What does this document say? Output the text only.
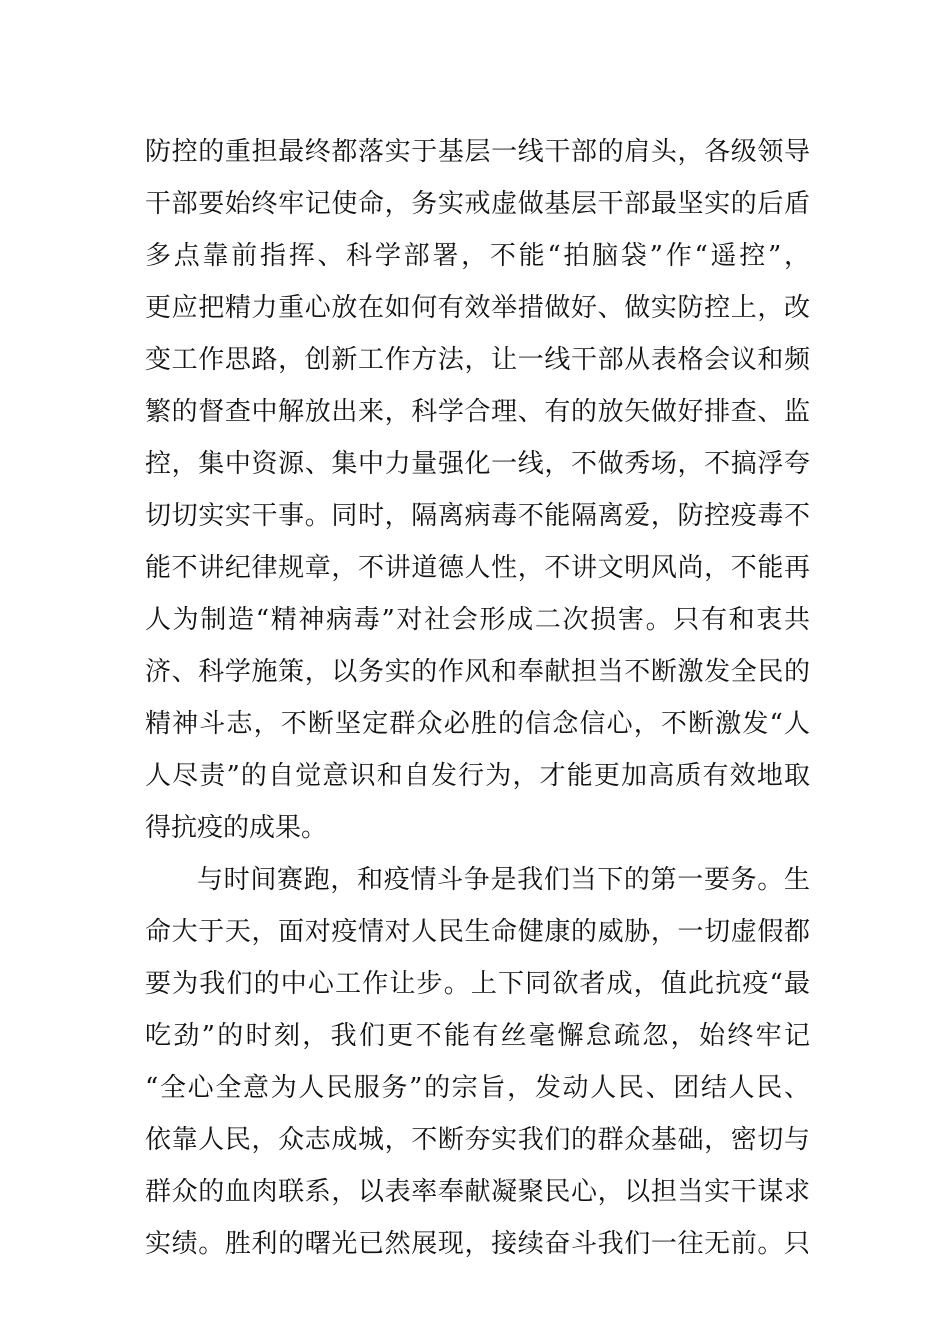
防控的重担最终都落实于基层一线干部的肩头，各级领导
干部要始终牢记使命，务实戒虚做基层干部最坚实的后盾
多点靠前指挥、科学部署，不能“拍脑袋”作“遥控”，
更应把精力重心放在如何有效举措做好、做实防控上，改
变工作思路，创新工作方法，让一线干部从表格会议和频
繁的督查中解放出来，科学合理、有的放矢做好排查、监
控，集中资源、集中力量强化一线，不做秀场，不搞浮夸
切切实实干事。同时，隔离病毒不能隔离爱，防控疫毒不
能不讲纪律规章，不讲道德人性，不讲文明风尚，不能再
人为制造“精神病毒”对社会形成二次损害。只有和衷共
济、科学施策，以务实的作风和奉献担当不断激发全民的
精神斗志，不断坚定群众必胜的信念信心，不断激发“人
人尽责”的自觉意识和自发行为，才能更加高质有效地取
得抗疫的成果。
与时间赛跑，和疫情斗争是我们当下的第一要务。生
命大于天，面对疫情对人民生命健康的威胁，一切虚假都
要为我们的中心工作让步。上下同欲者成，值此抗疫“最
吃劲”的时刻，我们更不能有丝毫懈怠疏忽，始终牢记
“全心全意为人民服务”的宗旨，发动人民、团结人民、
依靠人民，众志成城，不断夯实我们的群众基础，密切与
群众的血肉联系，以表率奉献凝聚民心，以担当实干谋求
实绩。胜利的曙光已然展现，接续奋斗我们一往无前。只
